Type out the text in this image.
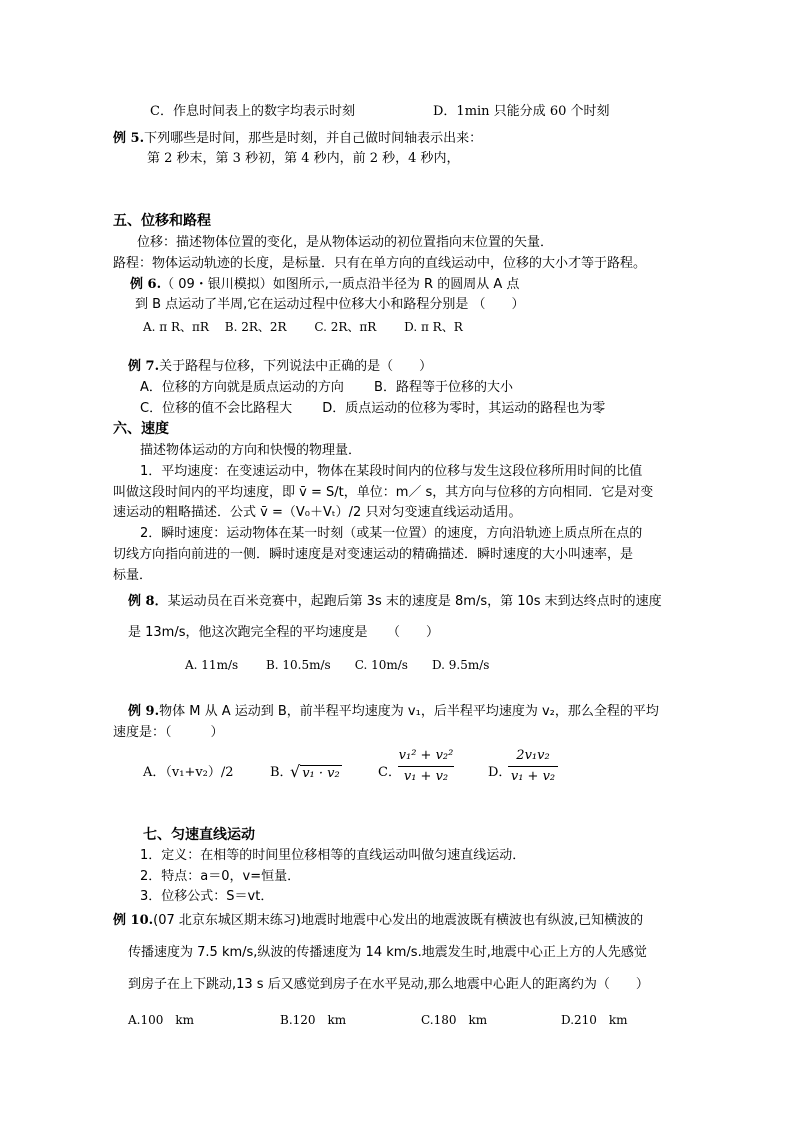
C．作息时间表上的数字均表示时刻	D．1min 只能分成 60 个时刻
例 5.下列哪些是时间，那些是时刻，并自己做时间轴表示出来：
第 2 秒末，第 3 秒初，第 4 秒内，前 2 秒，4 秒内，
五、位移和路程
位移：描述物体位置的变化，是从物体运动的初位置指向末位置的矢量．
路程：物体运动轨迹的长度，是标量．只有在单方向的直线运动中，位移的大小才等于路程。
例 6.（ 09・银川模拟）如图所示,一质点沿半径为 R 的圆周从 A 点
到 B 点运动了半周,它在运动过程中位移大小和路程分别是 （　　）
A. π R、πR　 B. 2R、2R　　 C. 2R、πR　　 D. π R、R
例 7.关于路程与位移，下列说法中正确的是（　　）
A．位移的方向就是质点运动的方向　　 B．路程等于位移的大小
C．位移的值不会比路程大　　 D．质点运动的位移为零时，其运动的路程也为零
六、速度
描述物体运动的方向和快慢的物理量．
1．平均速度：在变速运动中，物体在某段时间内的位移与发生这段位移所用时间的比值
叫做这段时间内的平均速度，即 v̄ = S/t，单位：m／ s，其方向与位移的方向相同．它是对变
速运动的粗略描述．公式 v̄ =（V₀＋Vₜ）/2 只对匀变速直线运动适用。
2．瞬时速度：运动物体在某一时刻（或某一位置）的速度，方向沿轨迹上质点所在点的
切线方向指向前进的一侧．瞬时速度是对变速运动的精确描述．瞬时速度的大小叫速率，是
标量．
例 8．某运动员在百米竞赛中，起跑后第 3s 末的速度是 8m/s，第 10s 末到达终点时的速度
是 13m/s，他这次跑完全程的平均速度是　　（　　）
A. 11m/s　　 B. 10.5m/s　　C. 10m/s　　D. 9.5m/s
例 9.物体 M 从 A 运动到 B，前半程平均速度为 v₁，后半程平均速度为 v₂，那么全程的平均
速度是：（　　　）
A．（v₁+v₂）/2	B．
√ v₁ · v₂	C．
v₁² + v₂²
v₁ + v₂	D．
2v₁v₂
v₁ + v₂
七、匀速直线运动
1．定义：在相等的时间里位移相等的直线运动叫做匀速直线运动．
2．特点：a＝0，v=恒量．
3．位移公式：S＝vt．
例 10.(07 北京东城区期末练习)地震时地震中心发出的地震波既有横波也有纵波,已知横波的
传播速度为 7.5 km/s,纵波的传播速度为 14 km/s.地震发生时,地震中心正上方的人先感觉
到房子在上下跳动,13 s 后又感觉到房子在水平晃动,那么地震中心距人的距离约为（　　）
A.100　km	B.120　km	C.180　km	D.210　km
